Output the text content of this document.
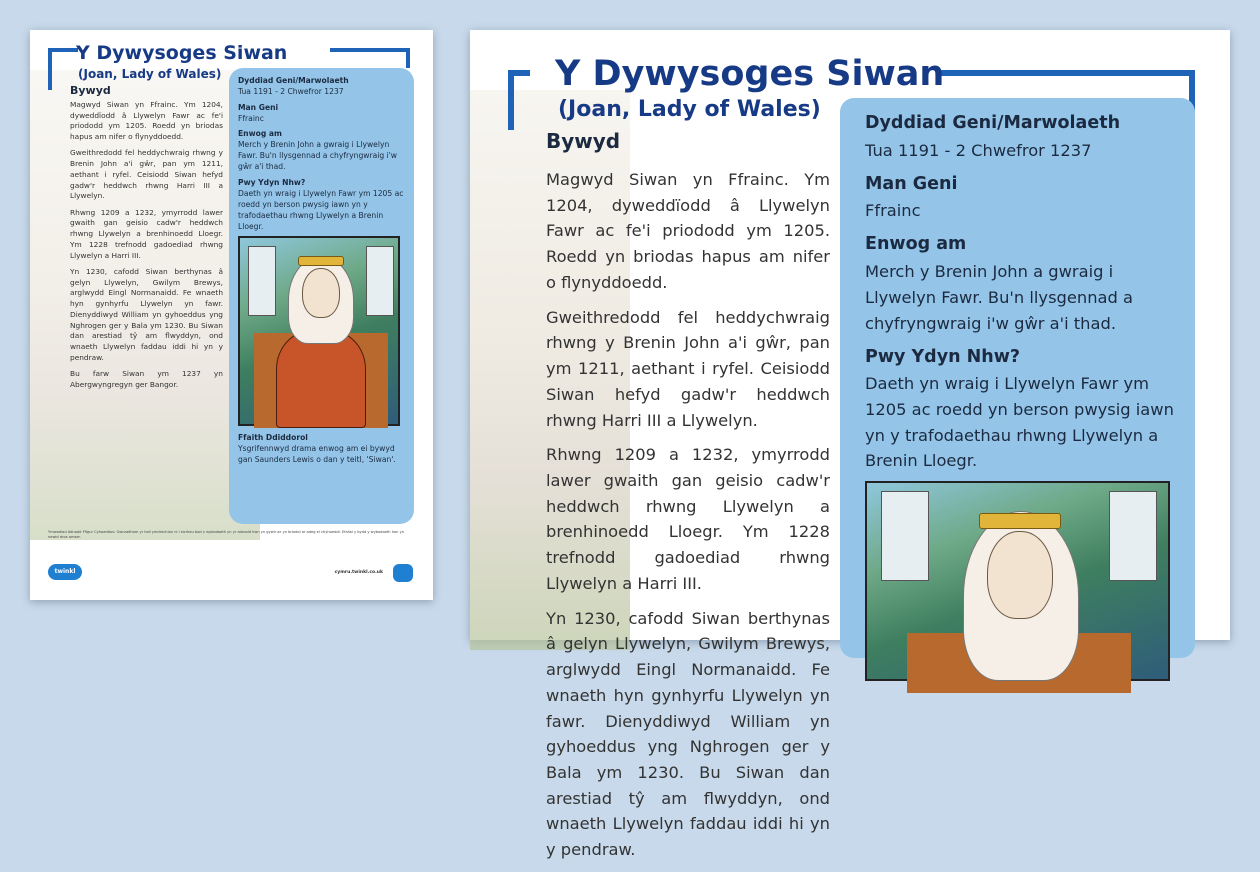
Y Dywysoges Siwan
(Joan, Lady of Wales)
Bywyd

Magwyd Siwan yn Ffrainc. Ym 1204, dyweddïodd â Llywelyn Fawr ac fe'i priododd ym 1205. Roedd yn briodas hapus am nifer o flynyddoedd.

Gweithredodd fel heddychwraig rhwng y Brenin John a'i gŵr, pan ym 1211, aethant i ryfel. Ceisiodd Siwan hefyd gadw'r heddwch rhwng Harri III a Llywelyn.

Rhwng 1209 a 1232, ymyrrodd lawer gwaith gan geisio cadw'r heddwch rhwng Llywelyn a brenhinoedd Lloegr. Ym 1228 trefnodd gadoediad rhwng Llywelyn a Harri III.

Yn 1230, cafodd Siwan berthynas â gelyn Llywelyn, Gwilym Brewys, arglwydd Eingl Normanaidd. Fe wnaeth hyn gynhyrfu Llywelyn yn fawr. Dienyddiwyd William yn gyhoeddus yng Nghrogen ger y Bala ym 1230. Bu Siwan dan arestiad tŷ am flwyddyn, ond wnaeth Llywelyn faddau iddi hi yn y pendraw.

Bu farw Siwan ym 1237 yn Abergwyngregyn ger Bangor.

Dyddiad Geni/Marwolaeth
Tua 1191 - 2 Chwefror 1237
Man Geni
Ffrainc
Enwog am
Merch y Brenin John a gwraig i Llywelyn Fawr. Bu'n llysgennad a chyfryngwraig i'w gŵr a'i thad.
Pwy Ydyn Nhw?
Daeth yn wraig i Llywelyn Fawr ym 1205 ac roedd yn berson pwysig iawn yn y trafodaethau rhwng Llywelyn a Brenin Lloegr.
Ffaith Ddiddorol
Ysgrifennwyd drama enwog am ei bywyd gan Saunders Lewis o dan y teitl, 'Siwan'.
Ymwadiad Adnodd Ffigur Cyhoeddus: Gwnaethom yr holl ymdrechion ni i sicrhau bod y wybodaeth yn yr adnodd hwn yn gywir ac yn briodol ar adeg ei chyhoeddi. Efallai y bydd y wybodaeth hon yn newid dros amser.
twinkl	cymru.twinkl.co.uk
Y Dywysoges Siwan
(Joan, Lady of Wales)
Bywyd

Magwyd Siwan yn Ffrainc. Ym 1204, dyweddïodd â Llywelyn Fawr ac fe'i priododd ym 1205. Roedd yn briodas hapus am nifer o flynyddoedd.

Gweithredodd fel heddychwraig rhwng y Brenin John a'i gŵr, pan ym 1211, aethant i ryfel. Ceisiodd Siwan hefyd gadw'r heddwch rhwng Harri III a Llywelyn.

Rhwng 1209 a 1232, ymyrrodd lawer gwaith gan geisio cadw'r heddwch rhwng Llywelyn a brenhinoedd Lloegr. Ym 1228 trefnodd gadoediad rhwng Llywelyn a Harri III.

Yn 1230, cafodd Siwan berthynas â gelyn Llywelyn, Gwilym Brewys, arglwydd Eingl Normanaidd. Fe wnaeth hyn gynhyrfu Llywelyn yn fawr. Dienyddiwyd William yn gyhoeddus yng Nghrogen ger y Bala ym 1230. Bu Siwan dan arestiad tŷ am flwyddyn, ond wnaeth Llywelyn faddau iddi hi yn y pendraw.

Dyddiad Geni/Marwolaeth
Tua 1191 - 2 Chwefror 1237
Man Geni
Ffrainc
Enwog am
Merch y Brenin John a gwraig i Llywelyn Fawr. Bu'n llysgennad a chyfryngwraig i'w gŵr a'i thad.
Pwy Ydyn Nhw?
Daeth yn wraig i Llywelyn Fawr ym 1205 ac roedd yn berson pwysig iawn yn y trafodaethau rhwng Llywelyn a Brenin Lloegr.
